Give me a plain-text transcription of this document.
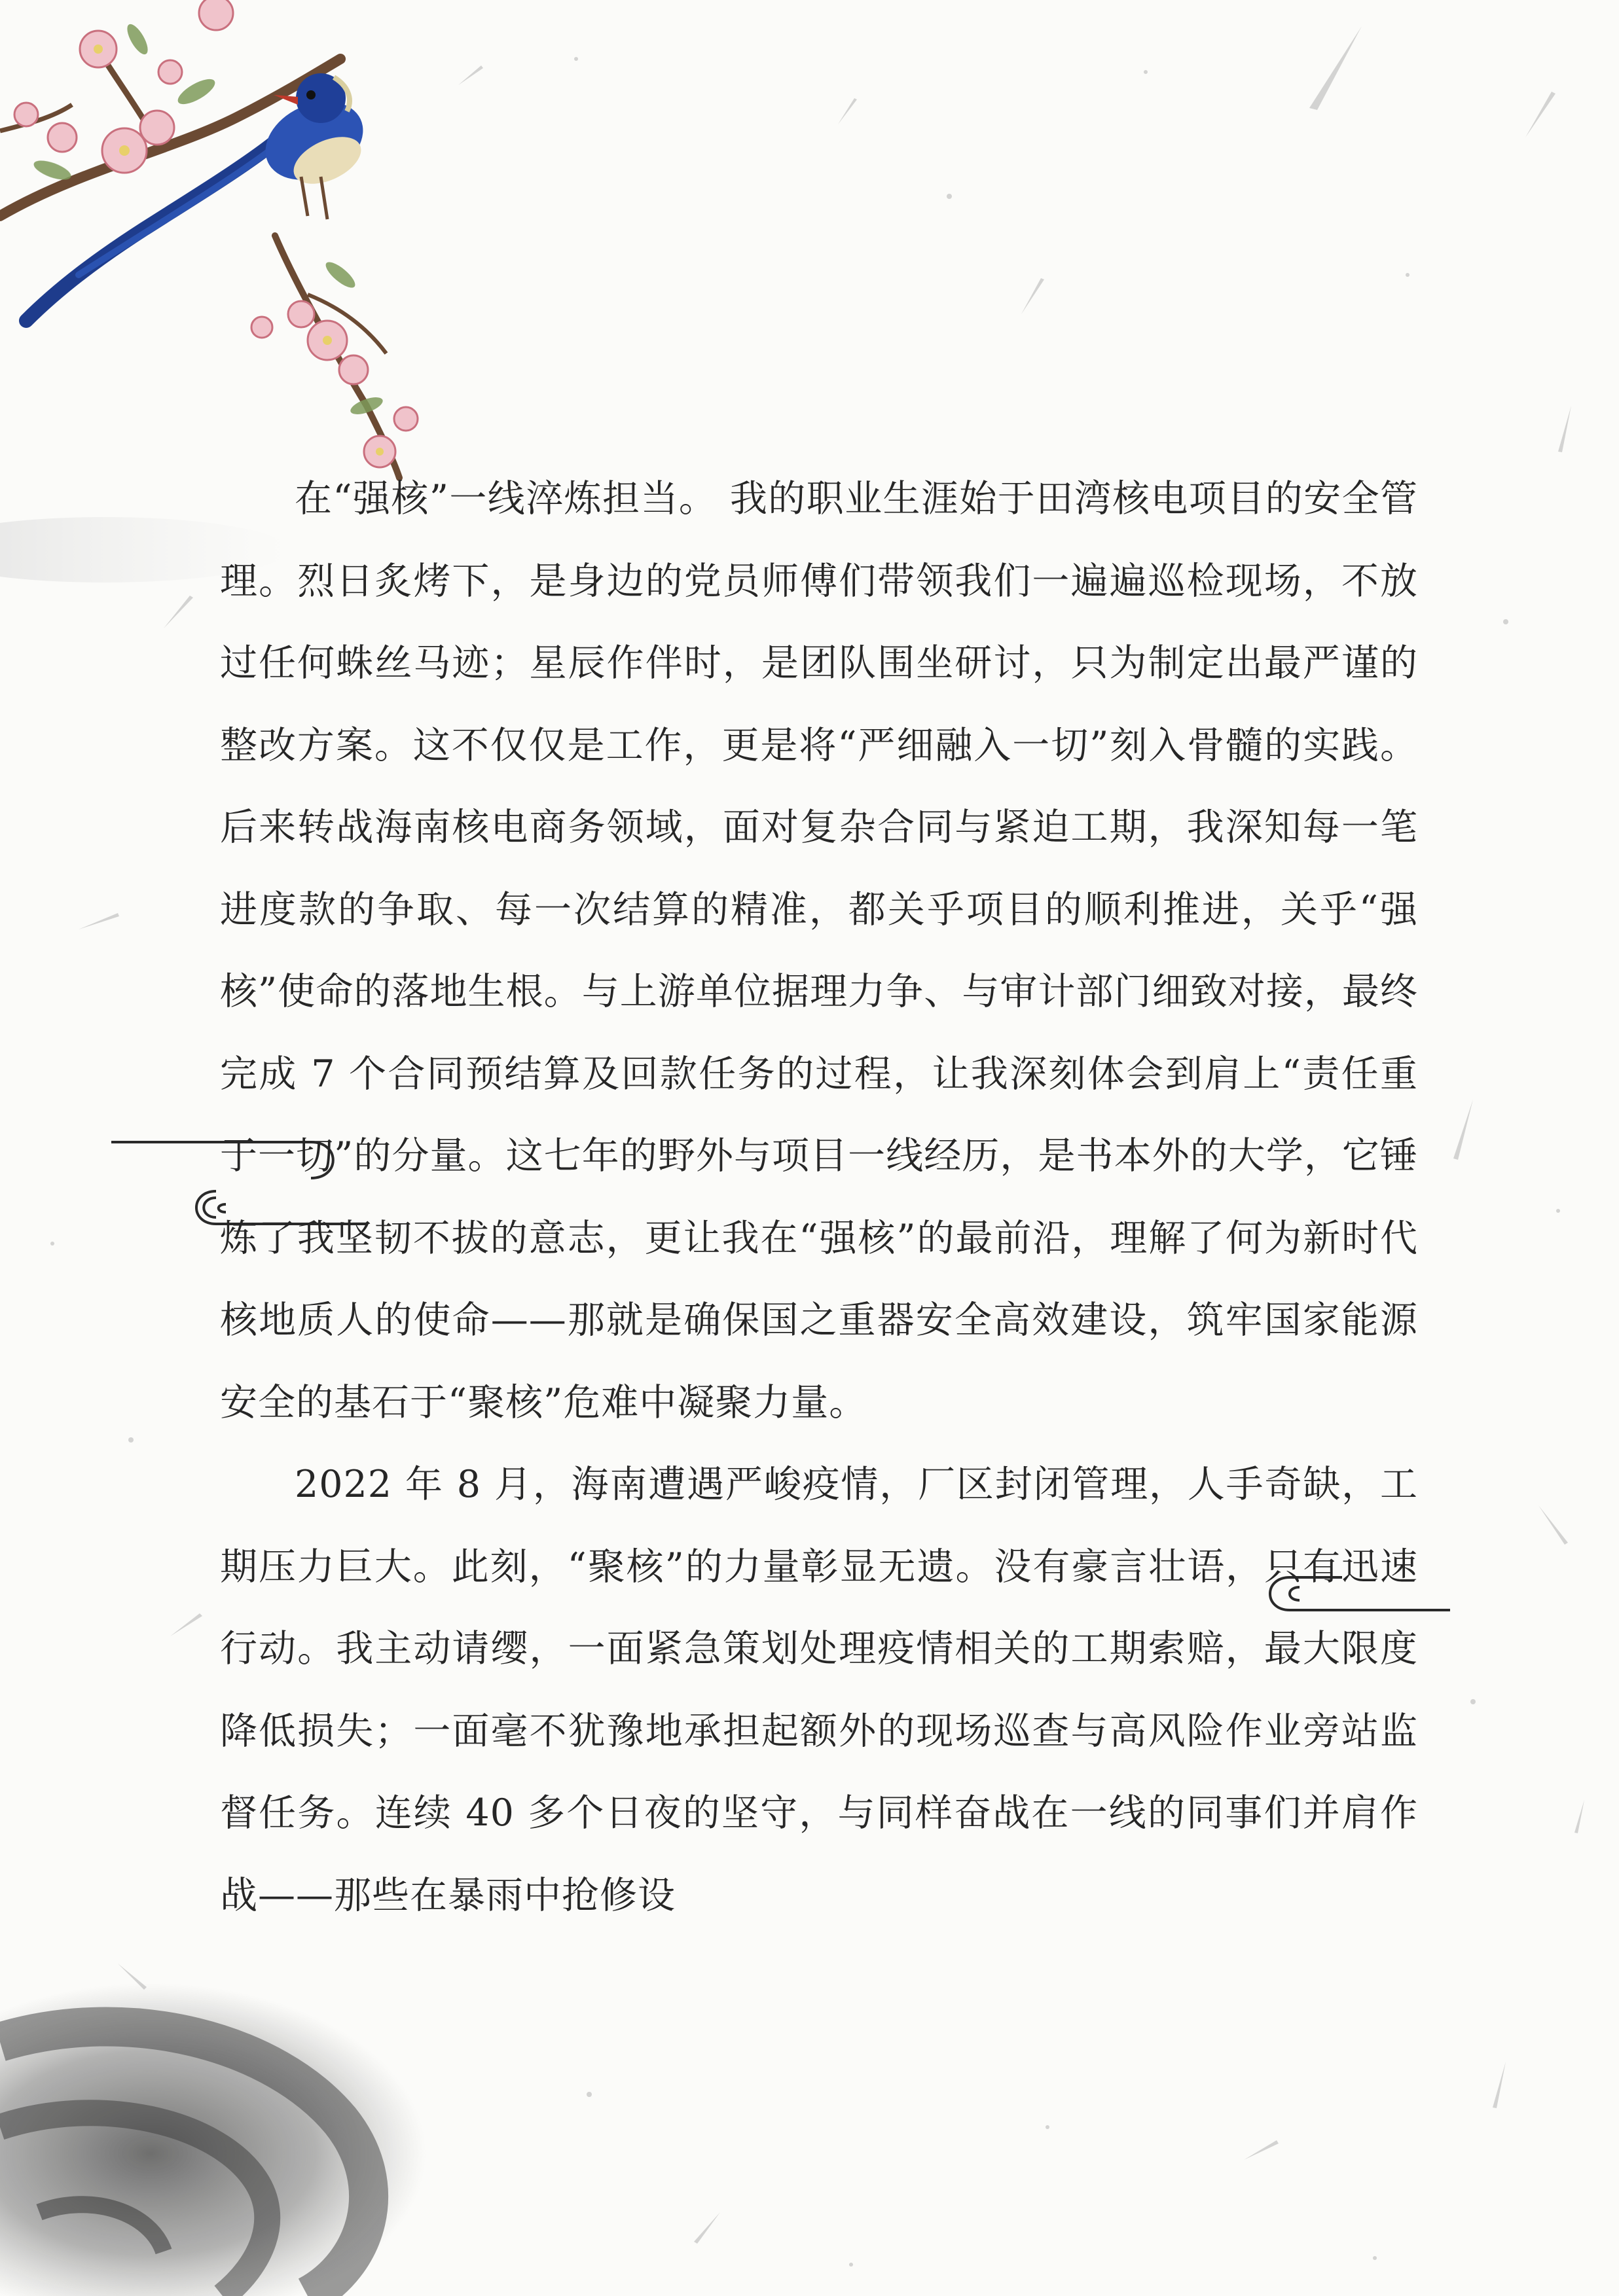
在“强核”一线淬炼担当。 我的职业生涯始于田湾核电项目的安全管理。烈日炙烤下，是身边的党员师傅们带领我们一遍遍巡检现场，不放过任何蛛丝马迹；星辰作伴时，是团队围坐研讨，只为制定出最严谨的整改方案。这不仅仅是工作，更是将“严细融入一切”刻入骨髓的实践。后来转战海南核电商务领域，面对复杂合同与紧迫工期，我深知每一笔进度款的争取、每一次结算的精准，都关乎项目的顺利推进，关乎“强核”使命的落地生根。与上游单位据理力争、与审计部门细致对接，最终完成 7 个合同预结算及回款任务的过程，让我深刻体会到肩上“责任重于一切”的分量。这七年的野外与项目一线经历，是书本外的大学，它锤炼了我坚韧不拔的意志，更让我在“强核”的最前沿，理解了何为新时代核地质人的使命——那就是确保国之重器安全高效建设，筑牢国家能源安全的基石于“聚核”危难中凝聚力量。

2022 年 8 月，海南遭遇严峻疫情，厂区封闭管理，人手奇缺，工期压力巨大。此刻，“聚核”的力量彰显无遗。没有豪言壮语，只有迅速行动。我主动请缨，一面紧急策划处理疫情相关的工期索赔，最大限度降低损失；一面毫不犹豫地承担起额外的现场巡查与高风险作业旁站监督任务。连续 40 多个日夜的坚守，与同样奋战在一线的同事们并肩作战——那些在暴雨中抢修设
